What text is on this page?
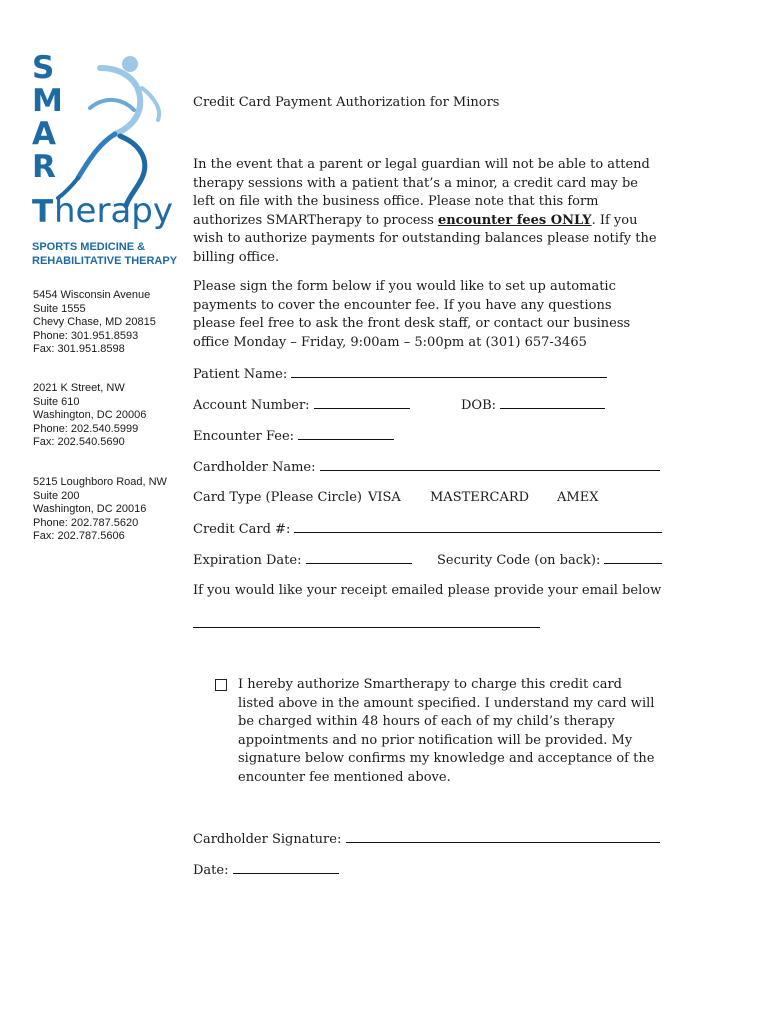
S
M
A
R
T herapy
SPORTS MEDICINE &
REHABILITATIVE THERAPY
5454 Wisconsin Avenue
Suite 1555
Chevy Chase, MD 20815
Phone: 301.951.8593
Fax: 301.951.8598
2021 K Street, NW
Suite 610
Washington, DC 20006
Phone: 202.540.5999
Fax: 202.540.5690
5215 Loughboro Road, NW
Suite 200
Washington, DC 20016
Phone: 202.787.5620
Fax: 202.787.5606
Credit Card Payment Authorization for Minors
In the event that a parent or legal guardian will not be able to attend therapy sessions with a patient that’s a minor, a credit card may be left on file with the business office. Please note that this form authorizes SMARTherapy to process encounter fees ONLY. If you wish to authorize payments for outstanding balances please notify the billing office.
Please sign the form below if you would like to set up automatic payments to cover the encounter fee. If you have any questions please feel free to ask the front desk staff, or contact our business office Monday – Friday, 9:00am – 5:00pm at (301) 657-3465
Patient Name:
Account Number:	DOB:
Encounter Fee:
Cardholder Name:
Card Type (Please Circle) VISA MASTERCARD AMEX
Credit Card #:
Expiration Date:	Security Code (on back):
If you would like your receipt emailed please provide your email below
I hereby authorize Smartherapy to charge this credit card listed above in the amount specified. I understand my card will be charged within 48 hours of each of my child’s therapy appointments and no prior notification will be provided. My signature below confirms my knowledge and acceptance of the encounter fee mentioned above.
Cardholder Signature:
Date:
